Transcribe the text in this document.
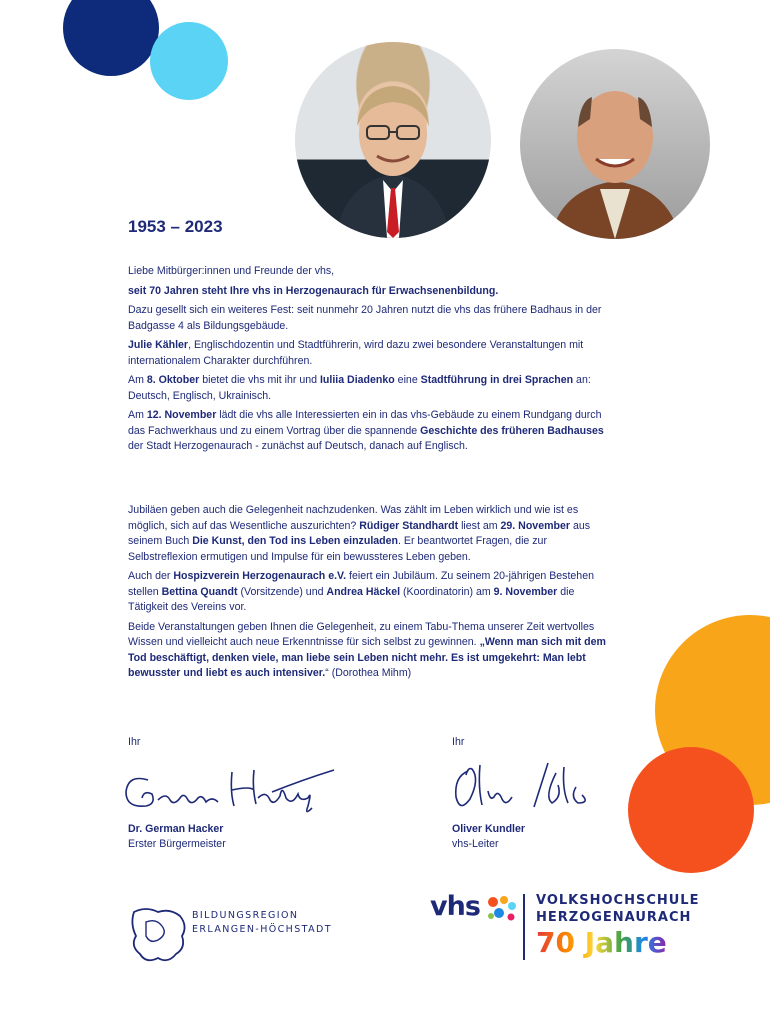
1953 – 2023

Liebe Mitbürger:innen und Freunde der vhs,

seit 70 Jahren steht Ihre vhs in Herzogenaurach für Erwachsenenbildung.

Dazu gesellt sich ein weiteres Fest: seit nunmehr 20 Jahren nutzt die vhs das frühere Badhaus in der Badgasse 4 als Bildungsgebäude.

Julie Kähler, Englischdozentin und Stadtführerin, wird dazu zwei besondere Veranstaltungen mit internationalem Charakter durchführen.

Am 8. Oktober bietet die vhs mit ihr und Iuliia Diadenko eine Stadtführung in drei Sprachen an: Deutsch, Englisch, Ukrainisch.

Am 12. November lädt die vhs alle Interessierten ein in das vhs-Gebäude zu einem Rundgang durch das Fachwerkhaus und zu einem Vortrag über die spannende Geschichte des früheren Badhauses der Stadt Herzogenaurach - zunächst auf Deutsch, danach auf Englisch.

Jubiläen geben auch die Gelegenheit nachzudenken. Was zählt im Leben wirklich und wie ist es möglich, sich auf das Wesentliche auszurichten? Rüdiger Standhardt liest am 29. November aus seinem Buch Die Kunst, den Tod ins Leben einzuladen. Er beantwortet Fragen, die zur Selbstreflexion ermutigen und Impulse für ein bewussteres Leben geben.

Auch der Hospizverein Herzogenaurach e.V. feiert ein Jubiläum. Zu seinem 20-jährigen Bestehen stellen Bettina Quandt (Vorsitzende) und Andrea Häckel (Koordinatorin) am 9. November die Tätigkeit des Vereins vor.

Beide Veranstaltungen geben Ihnen die Gelegenheit, zu einem Tabu-Thema unserer Zeit wertvolles Wissen und vielleicht auch neue Erkenntnisse für sich selbst zu gewinnen. „Wenn man sich mit dem Tod beschäftigt, denken viele, man liebe sein Leben nicht mehr. Es ist umgekehrt: Man lebt bewusster und liebt es auch intensiver.“ (Dorothea Mihm)

Ihr	Ihr
Dr. German Hacker
Erster Bürgermeister
Oliver Kundler
vhs-Leiter
BILDUNGSREGION
ERLANGEN-HÖCHSTADT
vhs	VOLKSHOCHSCHULE
HERZOGENAURACH
70 Jahre
